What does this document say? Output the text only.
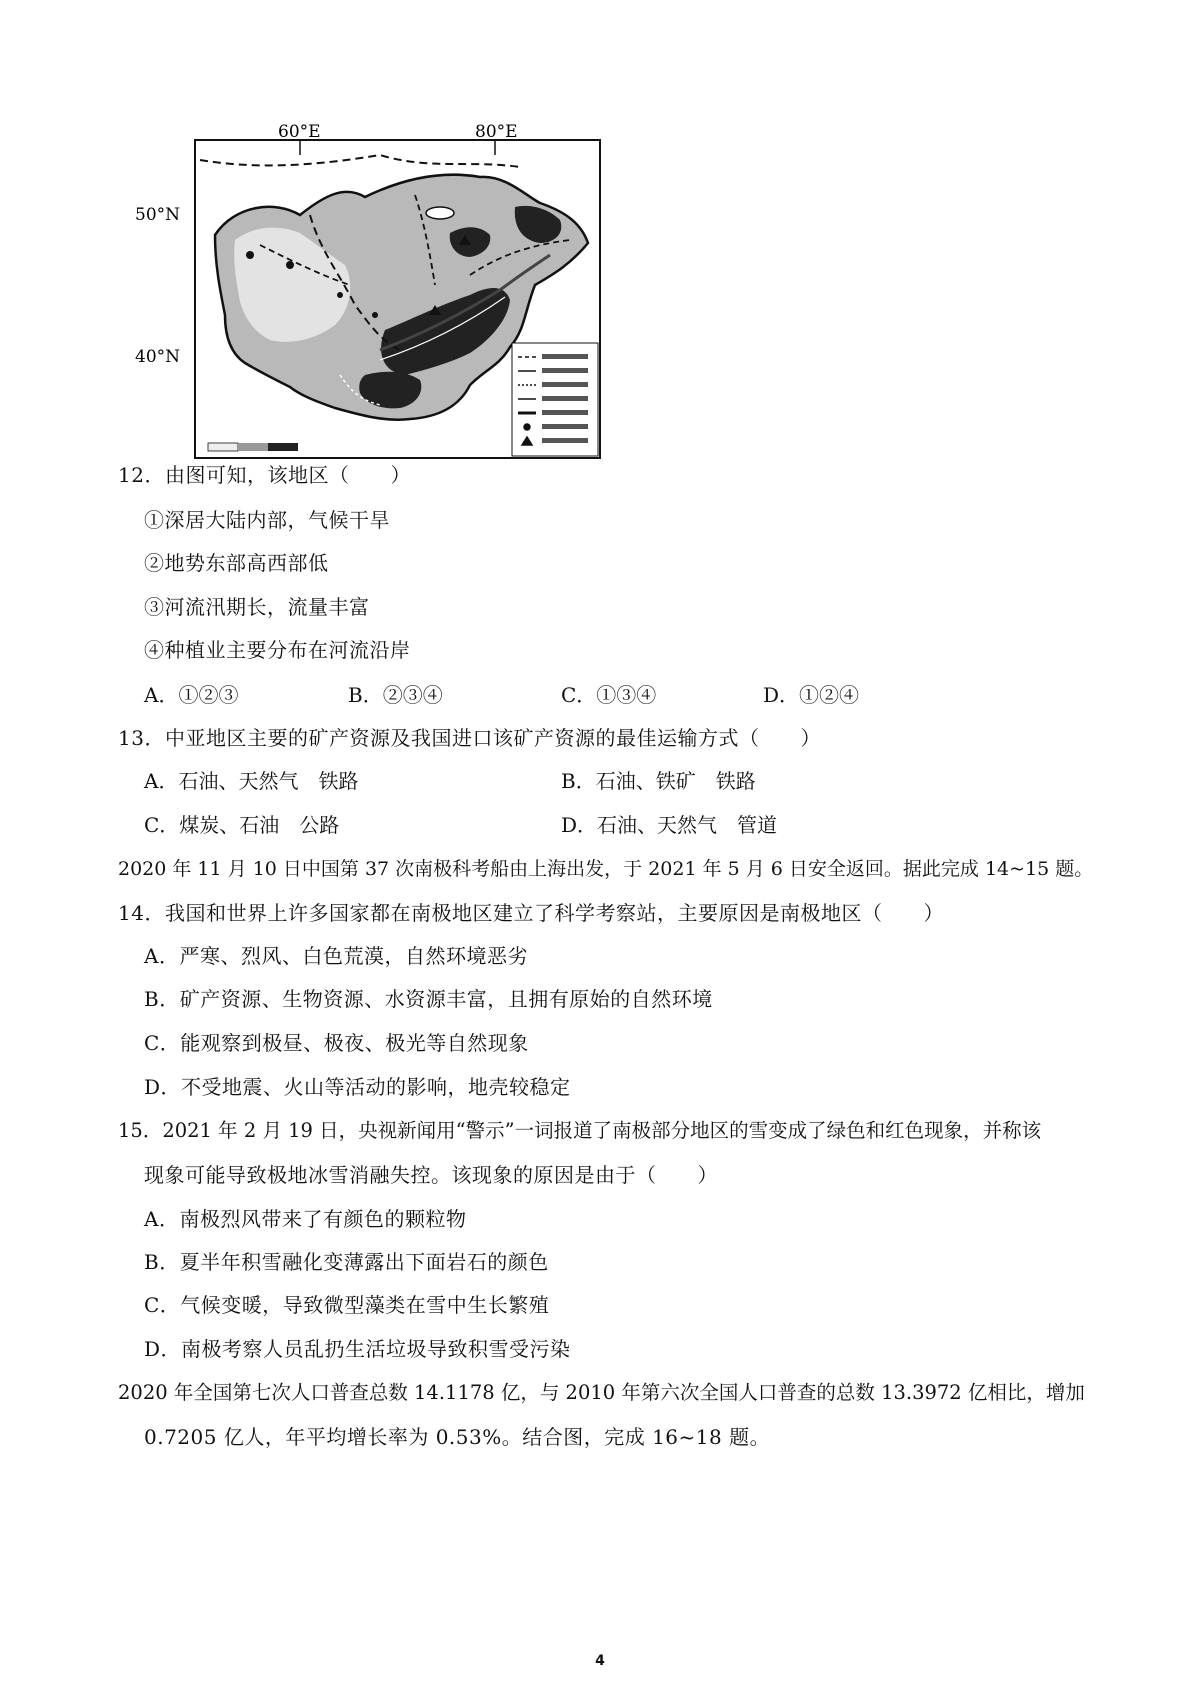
60°E	80°E
50°N
40°N
12．由图可知，该地区（　　）
①深居大陆内部，气候干旱
②地势东部高西部低
③河流汛期长，流量丰富
④种植业主要分布在河流沿岸
A．①②③	B．②③④	C．①③④	D．①②④
13．中亚地区主要的矿产资源及我国进口该矿产资源的最佳运输方式（　　）
A．石油、天然气　铁路	B．石油、铁矿　铁路
C．煤炭、石油　公路	D．石油、天然气　管道
2020 年 11 月 10 日中国第 37 次南极科考船由上海出发，于 2021 年 5 月 6 日安全返回。据此完成 14~15 题。
14．我国和世界上许多国家都在南极地区建立了科学考察站，主要原因是南极地区（　　）
A．严寒、烈风、白色荒漠，自然环境恶劣
B．矿产资源、生物资源、水资源丰富，且拥有原始的自然环境
C．能观察到极昼、极夜、极光等自然现象
D．不受地震、火山等活动的影响，地壳较稳定
15．2021 年 2 月 19 日，央视新闻用“警示”一词报道了南极部分地区的雪变成了绿色和红色现象，并称该
现象可能导致极地冰雪消融失控。该现象的原因是由于（　　）
A．南极烈风带来了有颜色的颗粒物
B．夏半年积雪融化变薄露出下面岩石的颜色
C．气候变暖，导致微型藻类在雪中生长繁殖
D．南极考察人员乱扔生活垃圾导致积雪受污染
2020 年全国第七次人口普查总数 14.1178 亿，与 2010 年第六次全国人口普查的总数 13.3972 亿相比，增加
0.7205 亿人，年平均增长率为 0.53%。结合图，完成 16~18 题。
4
